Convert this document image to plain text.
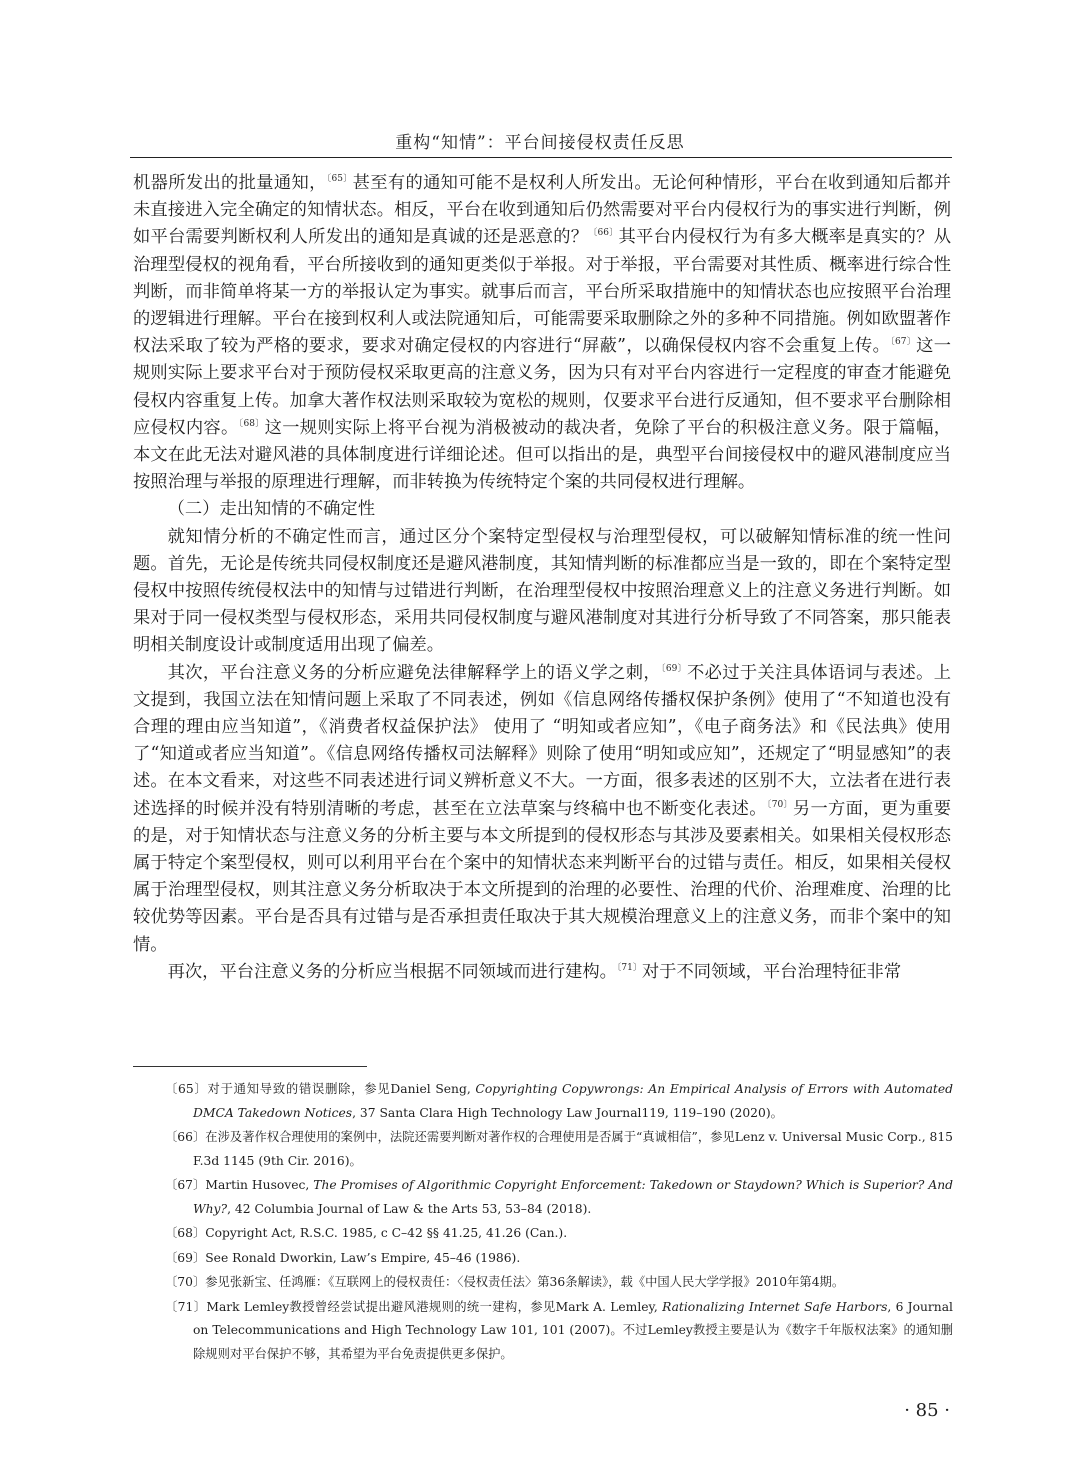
重构“知情”：平台间接侵权责任反思

机器所发出的批量通知，$^{〔65〕}$甚至有的通知可能不是权利人所发出。无论何种情形，平台在收到通知后都并未直接进入完全确定的知情状态。相反，平台在收到通知后仍然需要对平台内侵权行为的事实进行判断，例如平台需要判断权利人所发出的通知是真诚的还是恶意的？$^{〔66〕}$其平台内侵权行为有多大概率是真实的？从治理型侵权的视角看，平台所接收到的通知更类似于举报。对于举报，平台需要对其性质、概率进行综合性判断，而非简单将某一方的举报认定为事实。就事后而言，平台所采取措施中的知情状态也应按照平台治理的逻辑进行理解。平台在接到权利人或法院通知后，可能需要采取删除之外的多种不同措施。例如欧盟著作权法采取了较为严格的要求，要求对确定侵权的内容进行“屏蔽”，以确保侵权内容不会重复上传。$^{〔67〕}$这一规则实际上要求平台对于预防侵权采取更高的注意义务，因为只有对平台内容进行一定程度的审查才能避免侵权内容重复上传。加拿大著作权法则采取较为宽松的规则，仅要求平台进行反通知，但不要求平台删除相应侵权内容。$^{〔68〕}$这一规则实际上将平台视为消极被动的裁决者，免除了平台的积极注意义务。限于篇幅，本文在此无法对避风港的具体制度进行详细论述。但可以指出的是，典型平台间接侵权中的避风港制度应当按照治理与举报的原理进行理解，而非转换为传统特定个案的共同侵权进行理解。

（二）走出知情的不确定性

就知情分析的不确定性而言，通过区分个案特定型侵权与治理型侵权，可以破解知情标准的统一性问题。首先，无论是传统共同侵权制度还是避风港制度，其知情判断的标准都应当是一致的，即在个案特定型侵权中按照传统侵权法中的知情与过错进行判断，在治理型侵权中按照治理意义上的注意义务进行判断。如果对于同一侵权类型与侵权形态，采用共同侵权制度与避风港制度对其进行分析导致了不同答案，那只能表明相关制度设计或制度适用出现了偏差。

其次，平台注意义务的分析应避免法律解释学上的语义学之刺，$^{〔69〕}$不必过于关注具体语词与表述。上文提到，我国立法在知情问题上采取了不同表述，例如《信息网络传播权保护条例》使用了“不知道也没有合理的理由应当知道”，《消费者权益保护法》 使用了 “明知或者应知”，《电子商务法》和《民法典》使用了“知道或者应当知道”。《信息网络传播权司法解释》则除了使用“明知或应知”，还规定了“明显感知”的表述。在本文看来，对这些不同表述进行词义辨析意义不大。一方面，很多表述的区别不大，立法者在进行表述选择的时候并没有特别清晰的考虑，甚至在立法草案与终稿中也不断变化表述。$^{〔70〕}$另一方面，更为重要的是，对于知情状态与注意义务的分析主要与本文所提到的侵权形态与其涉及要素相关。如果相关侵权形态属于特定个案型侵权，则可以利用平台在个案中的知情状态来判断平台的过错与责任。相反，如果相关侵权属于治理型侵权，则其注意义务分析取决于本文所提到的治理的必要性、治理的代价、治理难度、治理的比较优势等因素。平台是否具有过错与是否承担责任取决于其大规模治理意义上的注意义务，而非个案中的知情。

再次，平台注意义务的分析应当根据不同领域而进行建构。$^{〔71〕}$对于不同领域，平台治理特征非常

〔65〕对于通知导致的错误删除，参见Daniel Seng, Copyrighting Copywrongs: An Empirical Analysis of Errors with Automated DMCA Takedown Notices, 37 Santa Clara High Technology Law Journal119, 119–190 (2020)。

〔66〕在涉及著作权合理使用的案例中，法院还需要判断对著作权的合理使用是否属于“真诚相信”，参见Lenz v. Universal Music Corp., 815 F.3d 1145 (9th Cir. 2016)。

〔67〕Martin Husovec, The Promises of Algorithmic Copyright Enforcement: Takedown or Staydown? Which is Superior? And Why?, 42 Columbia Journal of Law & the Arts 53, 53–84 (2018).

〔68〕Copyright Act, R.S.C. 1985, c C–42 §§ 41.25, 41.26 (Can.).

〔69〕See Ronald Dworkin, Law’s Empire, 45–46 (1986).

〔70〕参见张新宝、任鸿雁：《互联网上的侵权责任：〈侵权责任法〉第36条解读》，载《中国人民大学学报》2010年第4期。

〔71〕Mark Lemley教授曾经尝试提出避风港规则的统一建构，参见Mark A. Lemley, Rationalizing Internet Safe Harbors, 6 Journal on Telecommunications and High Technology Law 101, 101 (2007)。不过Lemley教授主要是认为《数字千年版权法案》的通知删除规则对平台保护不够，其希望为平台免责提供更多保护。

· 85 ·
